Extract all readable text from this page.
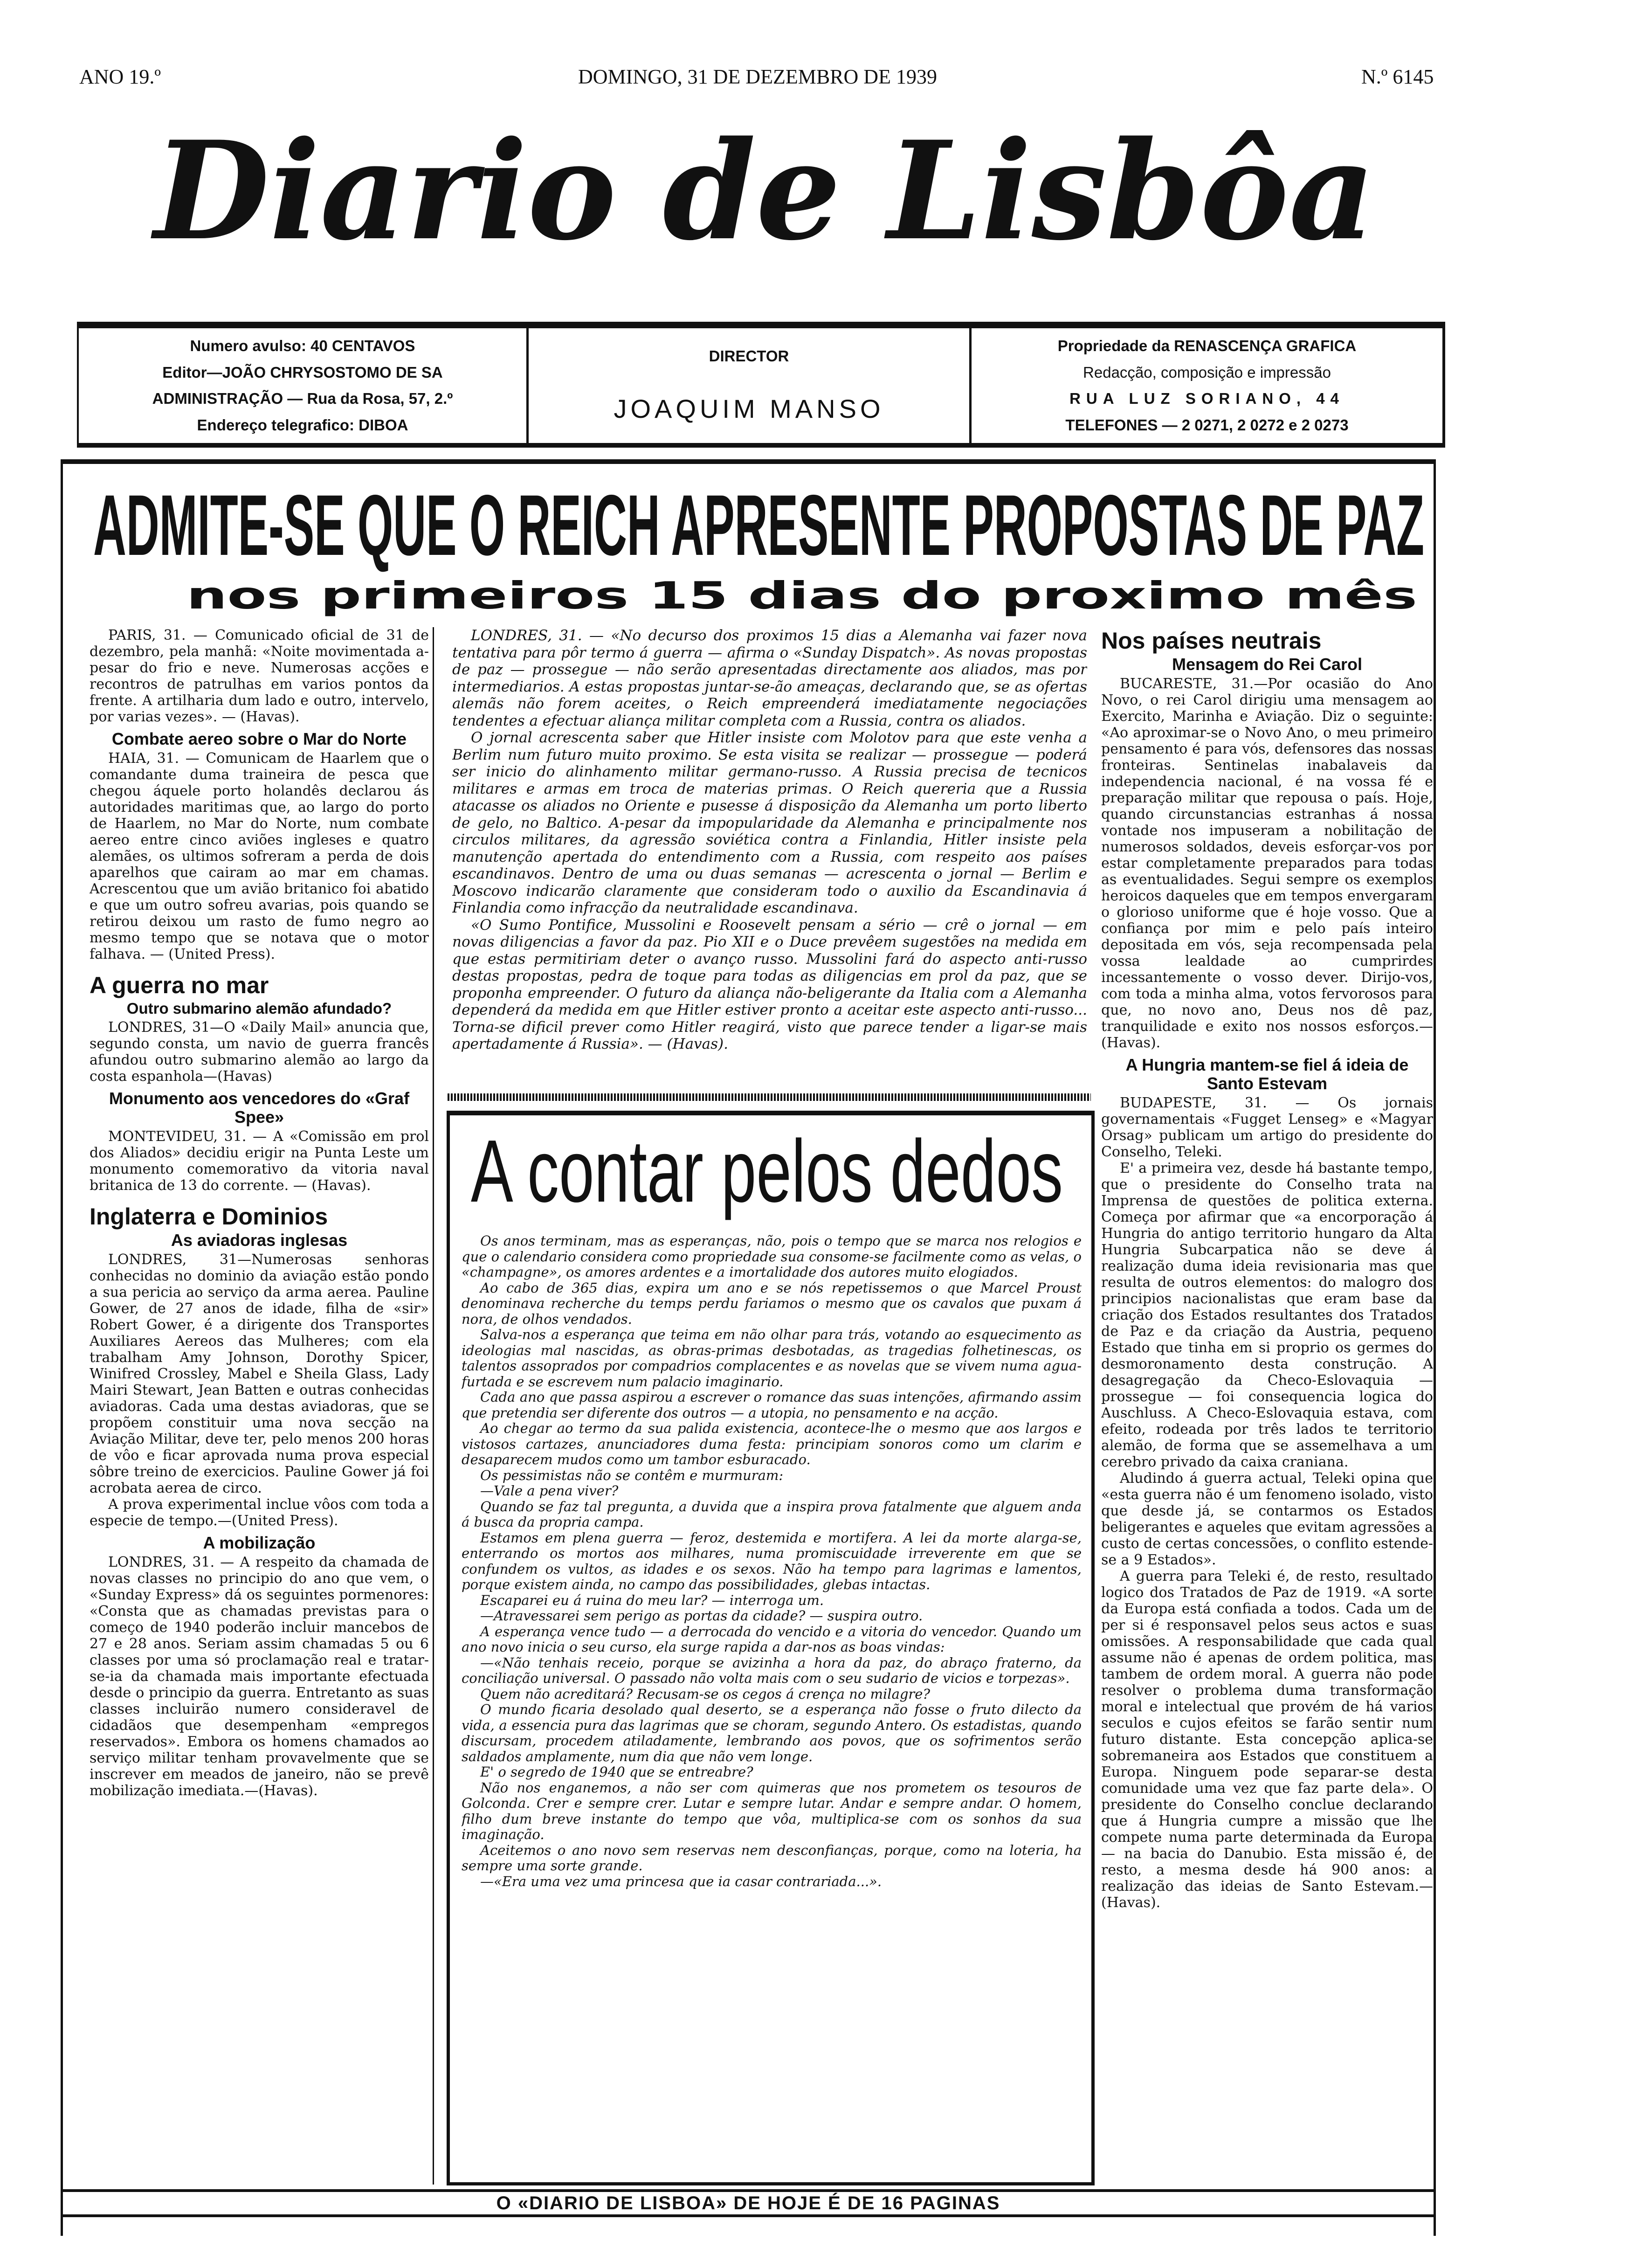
ANO 19.º	DOMINGO, 31 DE DEZEMBRO DE 1939	N.º 6145
Diario de Lisbôa
Numero avulso: 40 CENTAVOS
Editor—JOÃO CHRYSOSTOMO DE SA
ADMINISTRAÇÃO — Rua da Rosa, 57, 2.º
Endereço telegrafico: DIBOA
DIRECTOR
JOAQUIM MANSO
Propriedade da RENASCENÇA GRAFICA
Redacção, composição e impressão
RUA LUZ SORIANO, 44
TELEFONES — 2 0271, 2 0272 e 2 0273
ADMITE-SE QUE O REICH APRESENTE PROPOSTAS DE PAZ
nos primeiros 15 dias do proximo mês

PARIS, 31. — Comunicado oficial de 31 de dezembro, pela manhã: «Noite movimentada a-pesar do frio e neve. Numerosas acções e recontros de patrulhas em varios pontos da frente. A artilharia dum lado e outro, intervelo, por varias vezes». — (Havas).

Combate aereo sobre o Mar do Norte

HAIA, 31. — Comunicam de Haarlem que o comandante duma traineira de pesca que chegou áquele porto holandês declarou ás autoridades maritimas que, ao largo do porto de Haarlem, no Mar do Norte, num combate aereo entre cinco aviões ingleses e quatro alemães, os ultimos sofreram a perda de dois aparelhos que cairam ao mar em chamas. Acrescentou que um avião britanico foi abatido e que um outro sofreu avarias, pois quando se retirou deixou um rasto de fumo negro ao mesmo tempo que se notava que o motor falhava. — (United Press).

A guerra no mar
Outro submarino alemão afundado?

LONDRES, 31—O «Daily Mail» anuncia que, segundo consta, um navio de guerra francês afundou outro submarino alemão ao largo da costa espanhola—(Havas)

Monumento aos vencedores do «Graf Spee»

MONTEVIDEU, 31. — A «Comissão em prol dos Aliados» decidiu erigir na Punta Leste um monumento comemorativo da vitoria naval britanica de 13 do corrente. — (Havas).

Inglaterra e Dominios
As aviadoras inglesas

LONDRES, 31—Numerosas senhoras conhecidas no dominio da aviação estão pondo a sua pericia ao serviço da arma aerea. Pauline Gower, de 27 anos de idade, filha de «sir» Robert Gower, é a dirigente dos Transportes Auxiliares Aereos das Mulheres; com ela trabalham Amy Johnson, Dorothy Spicer, Winifred Crossley, Mabel e Sheila Glass, Lady Mairi Stewart, Jean Batten e outras conhecidas aviadoras. Cada uma destas aviadoras, que se propõem constituir uma nova secção na Aviação Militar, deve ter, pelo menos 200 horas de vôo e ficar aprovada numa prova especial sôbre treino de exercicios. Pauline Gower já foi acrobata aerea de circo.

A prova experimental inclue vôos com toda a especie de tempo.—(United Press).

A mobilização

LONDRES, 31. — A respeito da chamada de novas classes no principio do ano que vem, o «Sunday Express» dá os seguintes pormenores: «Consta que as chamadas previstas para o começo de 1940 poderão incluir mancebos de 27 e 28 anos. Seriam assim chamadas 5 ou 6 classes por uma só proclamação real e tratar-se-ia da chamada mais importante efectuada desde o principio da guerra. Entretanto as suas classes incluirão numero consideravel de cidadãos que desempenham «empregos reservados». Embora os homens chamados ao serviço militar tenham provavelmente que se inscrever em meados de janeiro, não se prevê mobilização imediata.—(Havas).

LONDRES, 31. — «No decurso dos proximos 15 dias a Alemanha vai fazer nova tentativa para pôr termo á guerra — afirma o «Sunday Dispatch». As novas propostas de paz — prossegue — não serão apresentadas directamente aos aliados, mas por intermediarios. A estas propostas juntar-se-ão ameaças, declarando que, se as ofertas alemãs não forem aceites, o Reich empreenderá imediatamente negociações tendentes a efectuar aliança militar completa com a Russia, contra os aliados.

O jornal acrescenta saber que Hitler insiste com Molotov para que este venha a Berlim num futuro muito proximo. Se esta visita se realizar — prossegue — poderá ser inicio do alinhamento militar germano-russo. A Russia precisa de tecnicos militares e armas em troca de materias primas. O Reich quereria que a Russia atacasse os aliados no Oriente e pusesse á disposição da Alemanha um porto liberto de gelo, no Baltico. A-pesar da impopularidade da Alemanha e principalmente nos circulos militares, da agressão soviética contra a Finlandia, Hitler insiste pela manutenção apertada do entendimento com a Russia, com respeito aos países escandinavos. Dentro de uma ou duas semanas — acrescenta o jornal — Berlim e Moscovo indicarão claramente que consideram todo o auxilio da Escandinavia á Finlandia como infracção da neutralidade escandinava.

«O Sumo Pontifice, Mussolini e Roosevelt pensam a sério — crê o jornal — em novas diligencias a favor da paz. Pio XII e o Duce prevêem sugestões na medida em que estas permitiriam deter o avanço russo. Mussolini fará do aspecto anti-russo destas propostas, pedra de toque para todas as diligencias em prol da paz, que se proponha empreender. O futuro da aliança não-beligerante da Italia com a Alemanha dependerá da medida em que Hitler estiver pronto a aceitar este aspecto anti-russo... Torna-se dificil prever como Hitler reagirá, visto que parece tender a ligar-se mais apertadamente á Russia». — (Havas).

A contar pelos dedos

Os anos terminam, mas as esperanças, não, pois o tempo que se marca nos relogios e que o calendario considera como propriedade sua consome-se facilmente como as velas, o «champagne», os amores ardentes e a imortalidade dos autores muito elogiados.

Ao cabo de 365 dias, expira um ano e se nós repetissemos o que Marcel Proust denominava recherche du temps perdu fariamos o mesmo que os cavalos que puxam á nora, de olhos vendados.

Salva-nos a esperança que teima em não olhar para trás, votando ao esquecimento as ideologias mal nascidas, as obras-primas desbotadas, as tragedias folhetinescas, os talentos assoprados por compadrios complacentes e as novelas que se vivem numa agua-furtada e se escrevem num palacio imaginario.

Cada ano que passa aspirou a escrever o romance das suas intenções, afirmando assim que pretendia ser diferente dos outros — a utopia, no pensamento e na acção.

Ao chegar ao termo da sua palida existencia, acontece-lhe o mesmo que aos largos e vistosos cartazes, anunciadores duma festa: principiam sonoros como um clarim e desaparecem mudos como um tambor esburacado.

Os pessimistas não se contêm e murmuram:

—Vale a pena viver?

Quando se faz tal pregunta, a duvida que a inspira prova fatalmente que alguem anda á busca da propria campa.

Estamos em plena guerra — feroz, destemida e mortifera. A lei da morte alarga-se, enterrando os mortos aos milhares, numa promiscuidade irreverente em que se confundem os vultos, as idades e os sexos. Não ha tempo para lagrimas e lamentos, porque existem ainda, no campo das possibilidades, glebas intactas.

Escaparei eu á ruina do meu lar? — interroga um.

—Atravessarei sem perigo as portas da cidade? — suspira outro.

A esperança vence tudo — a derrocada do vencido e a vitoria do vencedor. Quando um ano novo inicia o seu curso, ela surge rapida a dar-nos as boas vindas:

—«Não tenhais receio, porque se avizinha a hora da paz, do abraço fraterno, da conciliação universal. O passado não volta mais com o seu sudario de vicios e torpezas».

Quem não acreditará? Recusam-se os cegos á crença no milagre?

O mundo ficaria desolado qual deserto, se a esperança não fosse o fruto dilecto da vida, a essencia pura das lagrimas que se choram, segundo Antero. Os estadistas, quando discursam, procedem atiladamente, lembrando aos povos, que os sofrimentos serão saldados amplamente, num dia que não vem longe.

E' o segredo de 1940 que se entreabre?

Não nos enganemos, a não ser com quimeras que nos prometem os tesouros de Golconda. Crer e sempre crer. Lutar e sempre lutar. Andar e sempre andar. O homem, filho dum breve instante do tempo que vôa, multiplica-se com os sonhos da sua imaginação.

Aceitemos o ano novo sem reservas nem desconfianças, porque, como na loteria, ha sempre uma sorte grande.

—«Era uma vez uma princesa que ia casar contrariada...».

Nos países neutrais
Mensagem do Rei Carol

BUCARESTE, 31.—Por ocasião do Ano Novo, o rei Carol dirigiu uma mensagem ao Exercito, Marinha e Aviação. Diz o seguinte: «Ao aproximar-se o Novo Ano, o meu primeiro pensamento é para vós, defensores das nossas fronteiras. Sentinelas inabalaveis da independencia nacional, é na vossa fé e preparação militar que repousa o país. Hoje, quando circunstancias estranhas á nossa vontade nos impuseram a nobilitação de numerosos soldados, deveis esforçar-vos por estar completamente preparados para todas as eventualidades. Segui sempre os exemplos heroicos daqueles que em tempos envergaram o glorioso uniforme que é hoje vosso. Que a confiança por mim e pelo país inteiro depositada em vós, seja recompensada pela vossa lealdade ao cumprirdes incessantemente o vosso dever. Dirijo-vos, com toda a minha alma, votos fervorosos para que, no novo ano, Deus nos dê paz, tranquilidade e exito nos nossos esforços.—(Havas).

A Hungria mantem-se fiel á ideia de Santo Estevam

BUDAPESTE, 31. — Os jornais governamentais «Fugget Lenseg» e «Magyar Orsag» publicam um artigo do presidente do Conselho, Teleki.

E' a primeira vez, desde há bastante tempo, que o presidente do Conselho trata na Imprensa de questões de politica externa. Começa por afirmar que «a encorporação á Hungria do antigo territorio hungaro da Alta Hungria Subcarpatica não se deve á realização duma ideia revisionaria mas que resulta de outros elementos: do malogro dos principios nacionalistas que eram base da criação dos Estados resultantes dos Tratados de Paz e da criação da Austria, pequeno Estado que tinha em si proprio os germes do desmoronamento desta construção. A desagregação da Checo-Eslovaquia — prossegue — foi consequencia logica do Auschluss. A Checo-Eslovaquia estava, com efeito, rodeada por três lados te territorio alemão, de forma que se assemelhava a um cerebro privado da caixa craniana.

Aludindo á guerra actual, Teleki opina que «esta guerra não é um fenomeno isolado, visto que desde já, se contarmos os Estados beligerantes e aqueles que evitam agressões a custo de certas concessões, o conflito estende-se a 9 Estados».

A guerra para Teleki é, de resto, resultado logico dos Tratados de Paz de 1919. «A sorte da Europa está confiada a todos. Cada um de per si é responsavel pelos seus actos e suas omissões. A responsabilidade que cada qual assume não é apenas de ordem politica, mas tambem de ordem moral. A guerra não pode resolver o problema duma transformação moral e intelectual que provém de há varios seculos e cujos efeitos se farão sentir num futuro distante. Esta concepção aplica-se sobremaneira aos Estados que constituem a Europa. Ninguem pode separar-se desta comunidade uma vez que faz parte dela». O presidente do Conselho conclue declarando que á Hungria cumpre a missão que lhe compete numa parte determinada da Europa — na bacia do Danubio. Esta missão é, de resto, a mesma desde há 900 anos: a realização das ideias de Santo Estevam.—(Havas).

O «DIARIO DE LISBOA» DE HOJE É DE 16 PAGINAS
